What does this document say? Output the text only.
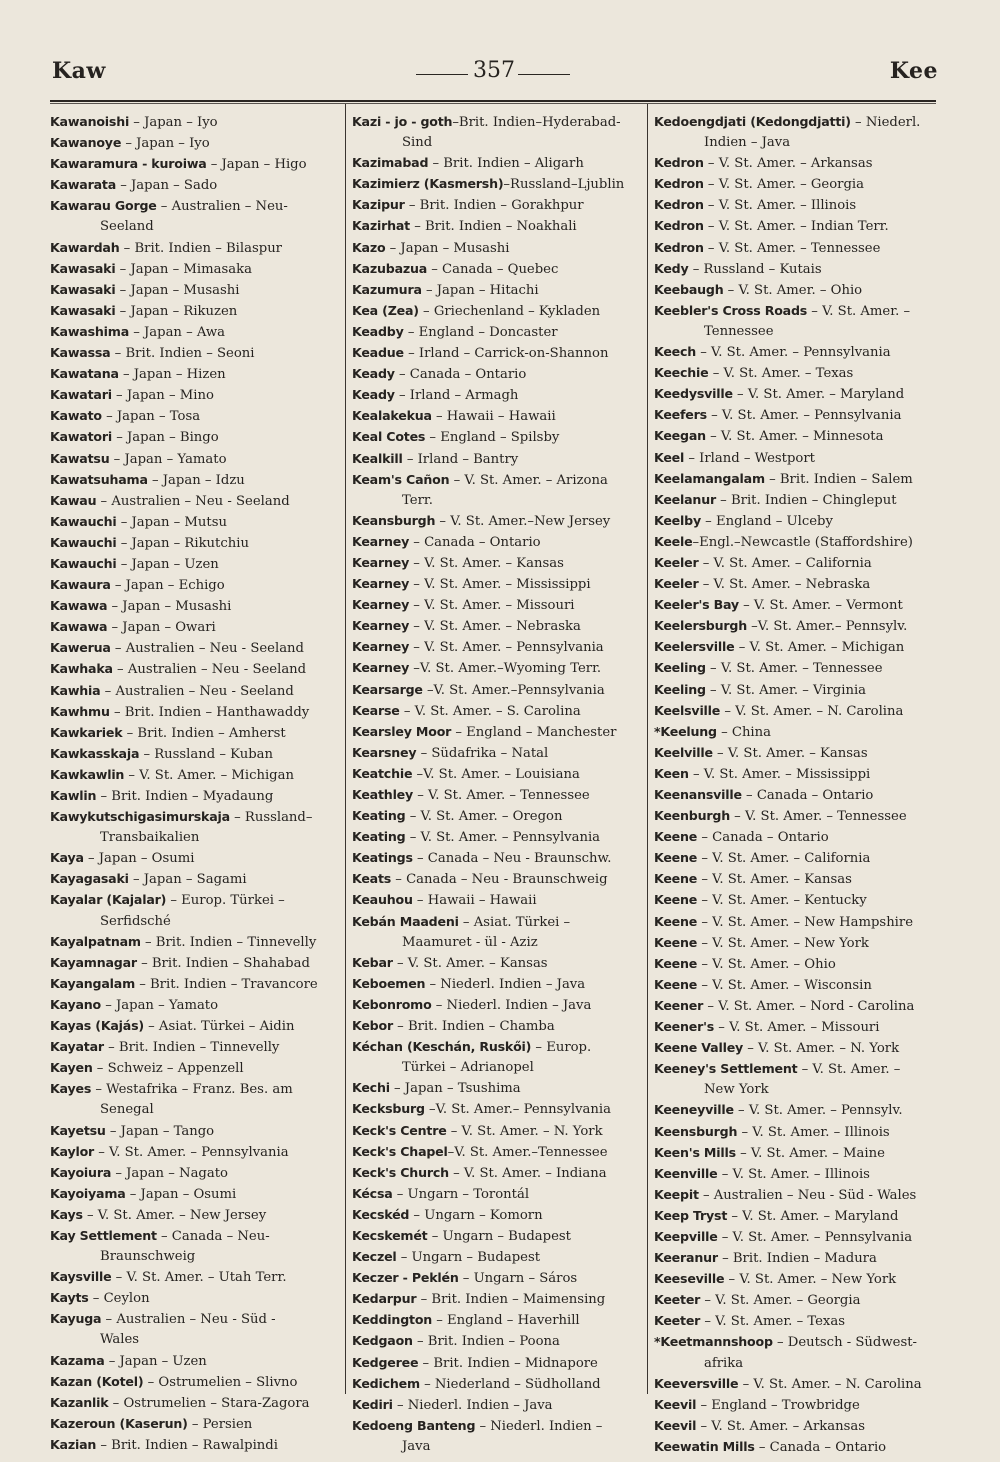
Kaw	357	Kee
Kawanoishi – Japan – Iyo
Kawanoye – Japan – Iyo
Kawaramura - kuroiwa – Japan – Higo
Kawarata – Japan – Sado
Kawarau Gorge – Australien – Neu-
Seeland
Kawardah – Brit. Indien – Bilaspur
Kawasaki – Japan – Mimasaka
Kawasaki – Japan – Musashi
Kawasaki – Japan – Rikuzen
Kawashima – Japan – Awa
Kawassa – Brit. Indien – Seoni
Kawatana – Japan – Hizen
Kawatari – Japan – Mino
Kawato – Japan – Tosa
Kawatori – Japan – Bingo
Kawatsu – Japan – Yamato
Kawatsuhama – Japan – Idzu
Kawau – Australien – Neu - Seeland
Kawauchi – Japan – Mutsu
Kawauchi – Japan – Rikutchiu
Kawauchi – Japan – Uzen
Kawaura – Japan – Echigo
Kawawa – Japan – Musashi
Kawawa – Japan – Owari
Kawerua – Australien – Neu - Seeland
Kawhaka – Australien – Neu - Seeland
Kawhia – Australien – Neu - Seeland
Kawhmu – Brit. Indien – Hanthawaddy
Kawkariek – Brit. Indien – Amherst
Kawkasskaja – Russland – Kuban
Kawkawlin – V. St. Amer. – Michigan
Kawlin – Brit. Indien – Myadaung
Kawykutschigasimurskaja – Russland–
Transbaikalien
Kaya – Japan – Osumi
Kayagasaki – Japan – Sagami
Kayalar (Kajalar) – Europ. Türkei –
Serfidsché
Kayalpatnam – Brit. Indien – Tinnevelly
Kayamnagar – Brit. Indien – Shahabad
Kayangalam – Brit. Indien – Travancore
Kayano – Japan – Yamato
Kayas (Kajás) – Asiat. Türkei – Aidin
Kayatar – Brit. Indien – Tinnevelly
Kayen – Schweiz – Appenzell
Kayes – Westafrika – Franz. Bes. am
Senegal
Kayetsu – Japan – Tango
Kaylor – V. St. Amer. – Pennsylvania
Kayoiura – Japan – Nagato
Kayoiyama – Japan – Osumi
Kays – V. St. Amer. – New Jersey
Kay Settlement – Canada – Neu-
Braunschweig
Kaysville – V. St. Amer. – Utah Terr.
Kayts – Ceylon
Kayuga – Australien – Neu - Süd -
Wales
Kazama – Japan – Uzen
Kazan (Kotel) – Ostrumelien – Slivno
Kazanlik – Ostrumelien – Stara-Zagora
Kazeroun (Kaserun) – Persien
Kazian – Brit. Indien – Rawalpindi
Kazi - jo - goth–Brit. Indien–Hyderabad-
Sind
Kazimabad – Brit. Indien – Aligarh
Kazimierz (Kasmersh)–Russland–Ljublin
Kazipur – Brit. Indien – Gorakhpur
Kazirhat – Brit. Indien – Noakhali
Kazo – Japan – Musashi
Kazubazua – Canada – Quebec
Kazumura – Japan – Hitachi
Kea (Zea) – Griechenland – Kykladen
Keadby – England – Doncaster
Keadue – Irland – Carrick-on-Shannon
Keady – Canada – Ontario
Keady – Irland – Armagh
Kealakekua – Hawaii – Hawaii
Keal Cotes – England – Spilsby
Kealkill – Irland – Bantry
Keam's Cañon – V. St. Amer. – Arizona
Terr.
Keansburgh – V. St. Amer.–New Jersey
Kearney – Canada – Ontario
Kearney – V. St. Amer. – Kansas
Kearney – V. St. Amer. – Mississippi
Kearney – V. St. Amer. – Missouri
Kearney – V. St. Amer. – Nebraska
Kearney – V. St. Amer. – Pennsylvania
Kearney –V. St. Amer.–Wyoming Terr.
Kearsarge –V. St. Amer.–Pennsylvania
Kearse – V. St. Amer. – S. Carolina
Kearsley Moor – England – Manchester
Kearsney – Südafrika – Natal
Keatchie –V. St. Amer. – Louisiana
Keathley – V. St. Amer. – Tennessee
Keating – V. St. Amer. – Oregon
Keating – V. St. Amer. – Pennsylvania
Keatings – Canada – Neu - Braunschw.
Keats – Canada – Neu - Braunschweig
Keauhou – Hawaii – Hawaii
Kebán Maadeni – Asiat. Türkei –
Maamuret - ül - Aziz
Kebar – V. St. Amer. – Kansas
Keboemen – Niederl. Indien – Java
Kebonromo – Niederl. Indien – Java
Kebor – Brit. Indien – Chamba
Kéchan (Keschán, Ruskői) – Europ.
Türkei – Adrianopel
Kechi – Japan – Tsushima
Kecksburg –V. St. Amer.– Pennsylvania
Keck's Centre – V. St. Amer. – N. York
Keck's Chapel–V. St. Amer.–Tennessee
Keck's Church – V. St. Amer. – Indiana
Kécsa – Ungarn – Torontál
Kecskéd – Ungarn – Komorn
Kecskemét – Ungarn – Budapest
Keczel – Ungarn – Budapest
Keczer - Peklén – Ungarn – Sáros
Kedarpur – Brit. Indien – Maimensing
Keddington – England – Haverhill
Kedgaon – Brit. Indien – Poona
Kedgeree – Brit. Indien – Midnapore
Kedichem – Niederland – Südholland
Kediri – Niederl. Indien – Java
Kedoeng Banteng – Niederl. Indien –
Java
Kedoengdjati (Kedongdjatti) – Niederl.
Indien – Java
Kedron – V. St. Amer. – Arkansas
Kedron – V. St. Amer. – Georgia
Kedron – V. St. Amer. – Illinois
Kedron – V. St. Amer. – Indian Terr.
Kedron – V. St. Amer. – Tennessee
Kedy – Russland – Kutais
Keebaugh – V. St. Amer. – Ohio
Keebler's Cross Roads – V. St. Amer. –
Tennessee
Keech – V. St. Amer. – Pennsylvania
Keechie – V. St. Amer. – Texas
Keedysville – V. St. Amer. – Maryland
Keefers – V. St. Amer. – Pennsylvania
Keegan – V. St. Amer. – Minnesota
Keel – Irland – Westport
Keelamangalam – Brit. Indien – Salem
Keelanur – Brit. Indien – Chingleput
Keelby – England – Ulceby
Keele–Engl.–Newcastle (Staffordshire)
Keeler – V. St. Amer. – California
Keeler – V. St. Amer. – Nebraska
Keeler's Bay – V. St. Amer. – Vermont
Keelersburgh –V. St. Amer.– Pennsylv.
Keelersville – V. St. Amer. – Michigan
Keeling – V. St. Amer. – Tennessee
Keeling – V. St. Amer. – Virginia
Keelsville – V. St. Amer. – N. Carolina
*Keelung – China
Keelville – V. St. Amer. – Kansas
Keen – V. St. Amer. – Mississippi
Keenansville – Canada – Ontario
Keenburgh – V. St. Amer. – Tennessee
Keene – Canada – Ontario
Keene – V. St. Amer. – California
Keene – V. St. Amer. – Kansas
Keene – V. St. Amer. – Kentucky
Keene – V. St. Amer. – New Hampshire
Keene – V. St. Amer. – New York
Keene – V. St. Amer. – Ohio
Keene – V. St. Amer. – Wisconsin
Keener – V. St. Amer. – Nord - Carolina
Keener's – V. St. Amer. – Missouri
Keene Valley – V. St. Amer. – N. York
Keeney's Settlement – V. St. Amer. –
New York
Keeneyville – V. St. Amer. – Pennsylv.
Keensburgh – V. St. Amer. – Illinois
Keen's Mills – V. St. Amer. – Maine
Keenville – V. St. Amer. – Illinois
Keepit – Australien – Neu - Süd - Wales
Keep Tryst – V. St. Amer. – Maryland
Keepville – V. St. Amer. – Pennsylvania
Keeranur – Brit. Indien – Madura
Keeseville – V. St. Amer. – New York
Keeter – V. St. Amer. – Georgia
Keeter – V. St. Amer. – Texas
*Keetmannshoop – Deutsch - Südwest-
afrika
Keeversville – V. St. Amer. – N. Carolina
Keevil – England – Trowbridge
Keevil – V. St. Amer. – Arkansas
Keewatin Mills – Canada – Ontario
